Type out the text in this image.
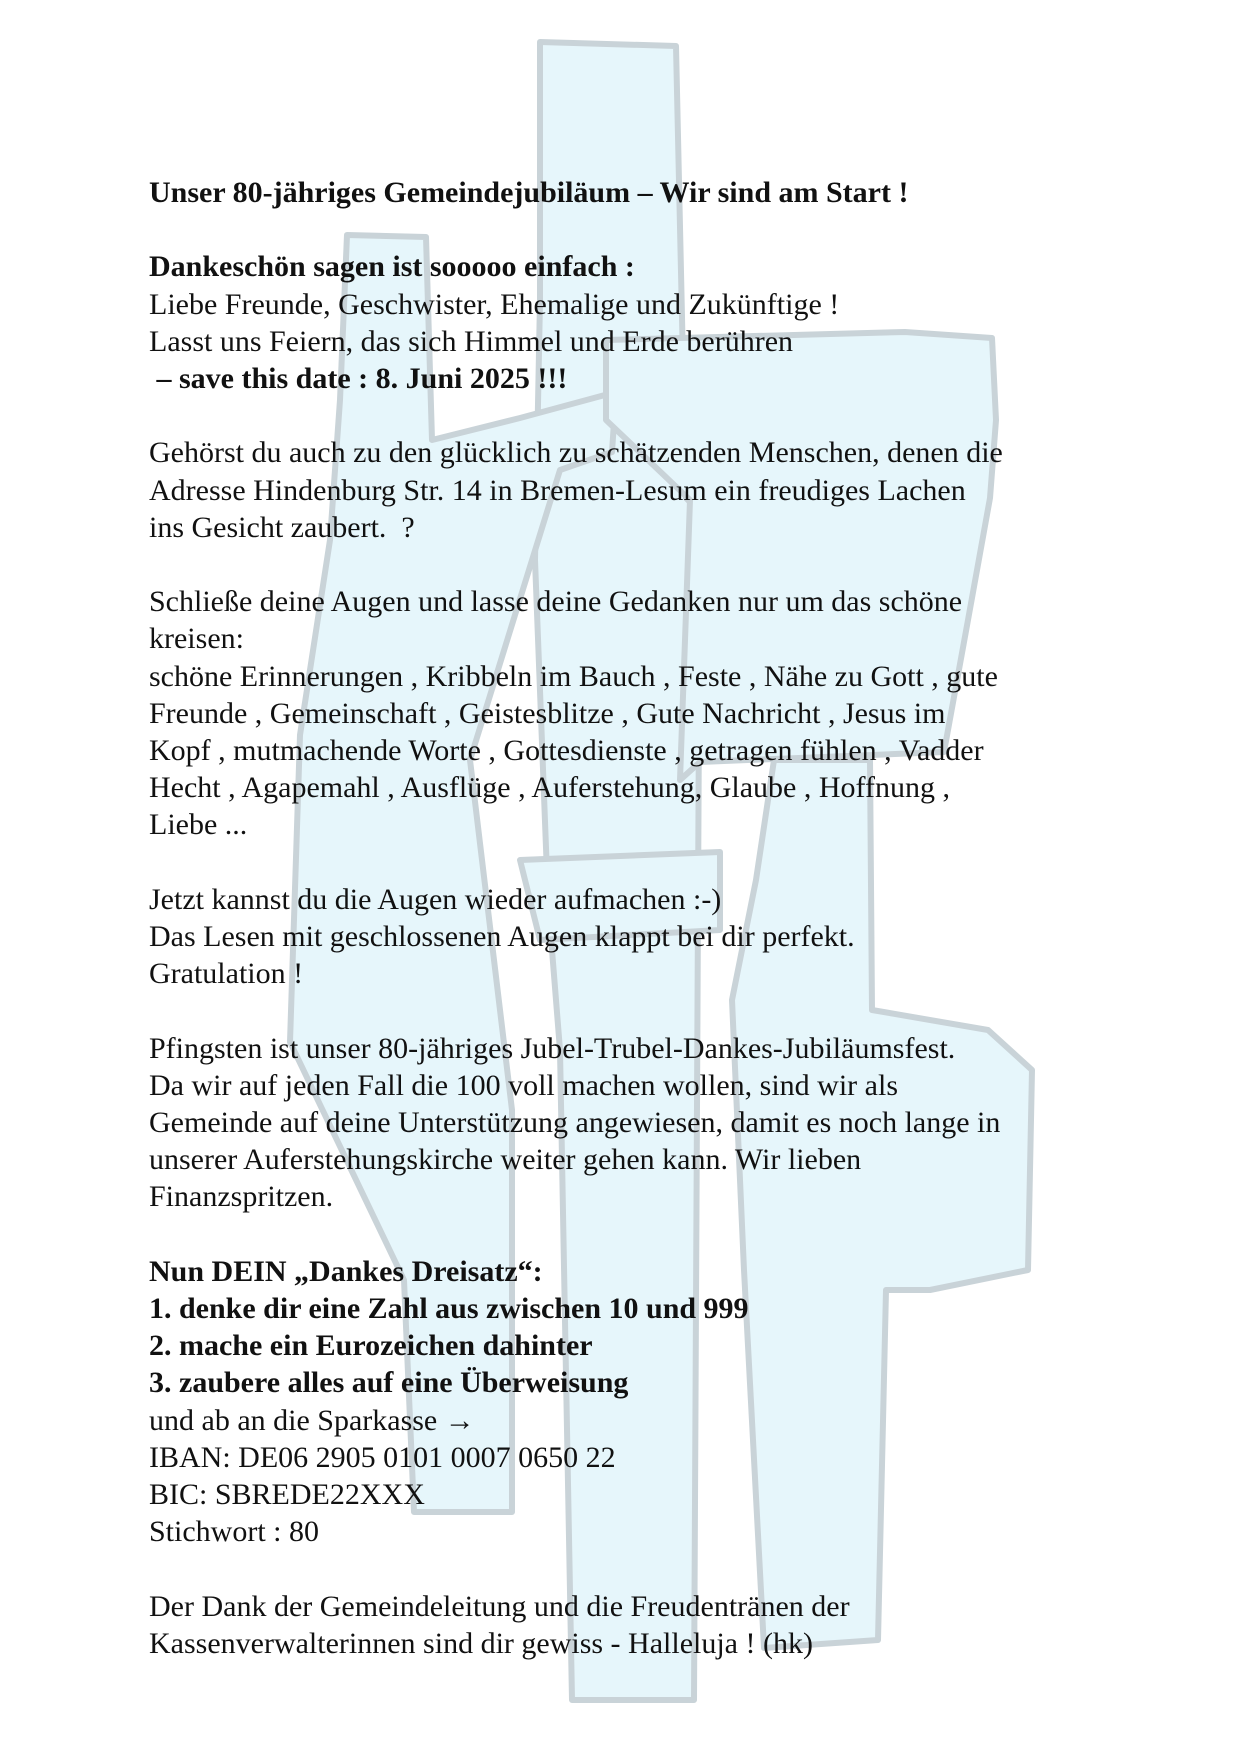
Unser 80-jähriges Gemeindejubiläum – Wir sind am Start !
Dankeschön sagen ist sooooo einfach :
Liebe Freunde, Geschwister, Ehemalige und Zukünftige !
Lasst uns Feiern, das sich Himmel und Erde berühren
– save this date : 8. Juni 2025 !!!
Gehörst du auch zu den glücklich zu schätzenden Menschen, denen die
Adresse Hindenburg Str. 14 in Bremen-Lesum ein freudiges Lachen
ins Gesicht zaubert.  ?
Schließe deine Augen und lasse deine Gedanken nur um das schöne
kreisen:
schöne Erinnerungen , Kribbeln im Bauch , Feste , Nähe zu Gott , gute
Freunde , Gemeinschaft , Geistesblitze , Gute Nachricht , Jesus im
Kopf , mutmachende Worte , Gottesdienste , getragen fühlen , Vadder
Hecht , Agapemahl , Ausflüge , Auferstehung, Glaube , Hoffnung ,
Liebe ...
Jetzt kannst du die Augen wieder aufmachen :-)
Das Lesen mit geschlossenen Augen klappt bei dir perfekt.
Gratulation !
Pfingsten ist unser 80-jähriges Jubel-Trubel-Dankes-Jubiläumsfest.
Da wir auf jeden Fall die 100 voll machen wollen, sind wir als
Gemeinde auf deine Unterstützung angewiesen, damit es noch lange in
unserer Auferstehungskirche weiter gehen kann. Wir lieben
Finanzspritzen.
Nun DEIN „Dankes Dreisatz“:
1. denke dir eine Zahl aus zwischen 10 und 999
2. mache ein Eurozeichen dahinter
3. zaubere alles auf eine Überweisung
und ab an die Sparkasse →
IBAN: DE06 2905 0101 0007 0650 22
BIC: SBREDE22XXX
Stichwort : 80
Der Dank der Gemeindeleitung und die Freudentränen der
Kassenverwalterinnen sind dir gewiss - Halleluja ! (hk)
